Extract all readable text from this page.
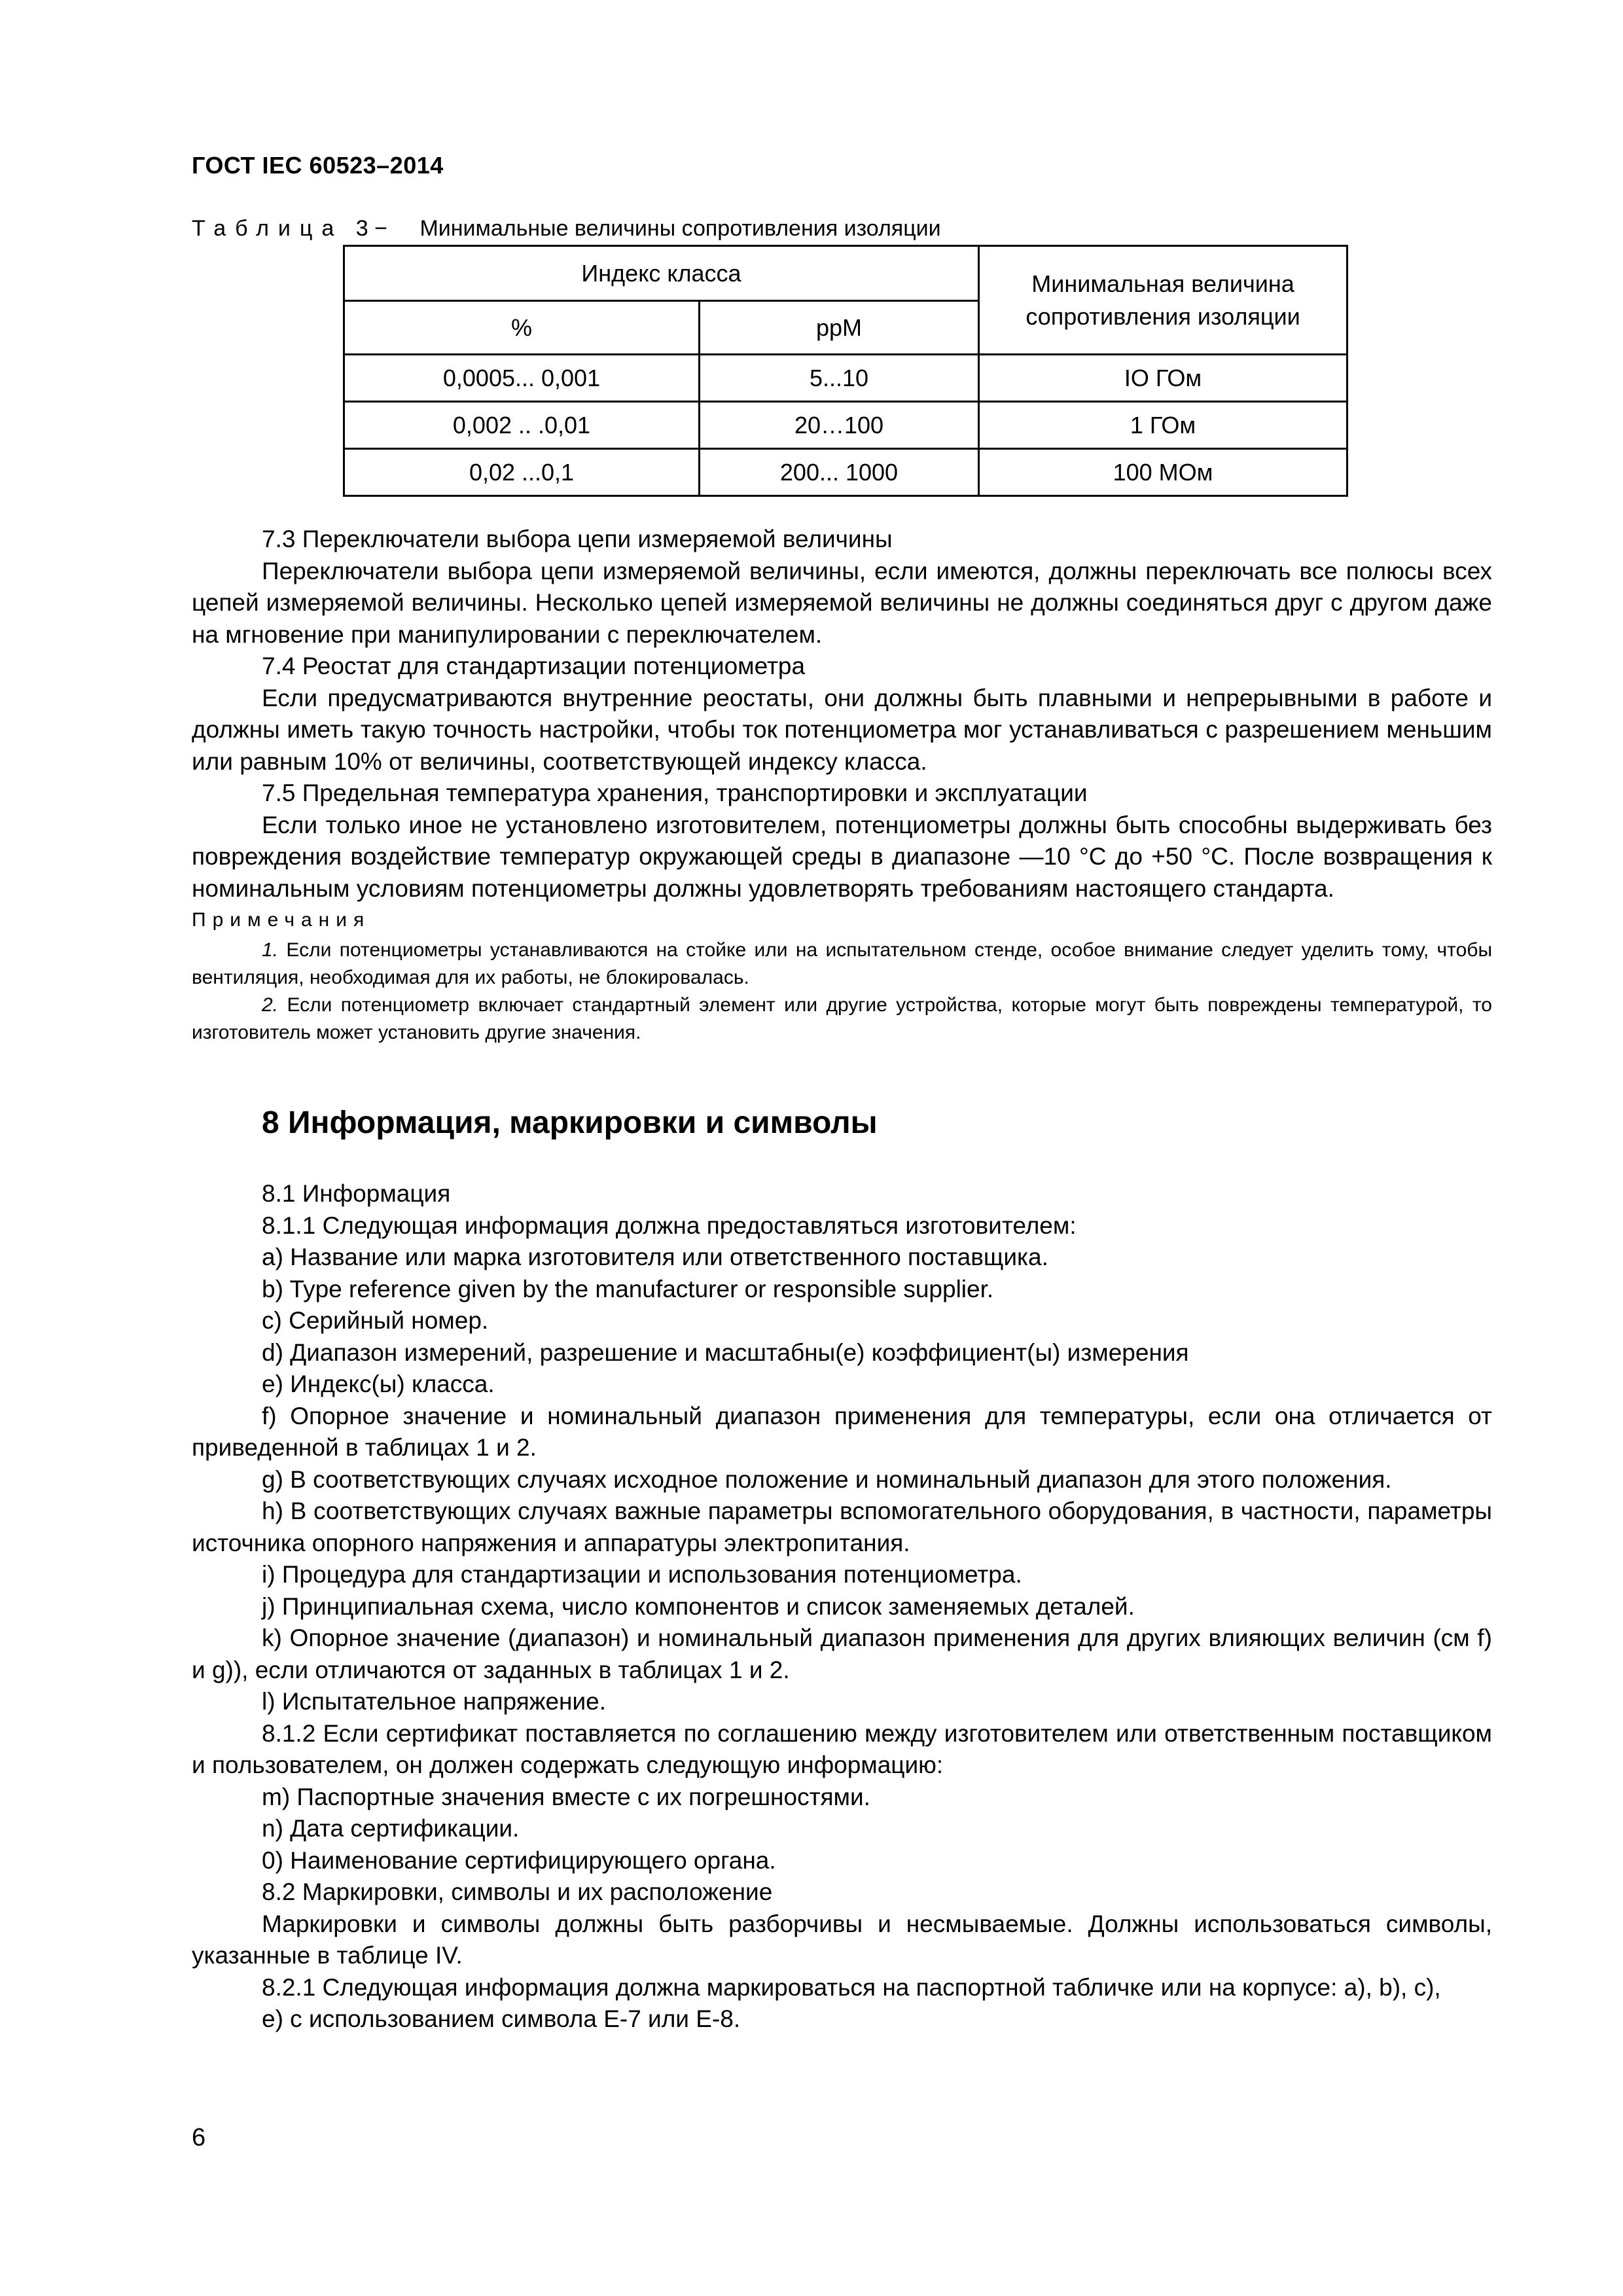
ГОСТ IEC 60523–2014
Таблица 3 − Минимальные величины сопротивления изоляции
Индекс класса		Минимальная величина сопротивления изоляции
%	ppM	
0,0005... 0,001	5...10	IO ГОм
0,002 .. .0,01	20…100	1 ГОм
0,02 ...0,1	200... 1000	100 МОм

7.3 Переключатели выбора цепи измеряемой величины

Переключатели выбора цепи измеряемой величины, если имеются, должны переключать все полюсы всех цепей измеряемой величины. Несколько цепей измеряемой величины не должны соединяться друг с другом даже на мгновение при манипулировании с переключателем.

7.4 Реостат для стандартизации потенциометра

Если предусматриваются внутренние реостаты, они должны быть плавными и непрерывными в работе и должны иметь такую точность настройки, чтобы ток потенциометра мог устанавливаться с разрешением меньшим или равным 10% от величины, соответствующей индексу класса.

7.5 Предельная температура хранения, транспортировки и эксплуатации

Если только иное не установлено изготовителем, потенциометры должны быть способны выдерживать без повреждения воздействие температур окружающей среды в диапазоне —10 °С до +50 °С. После возвращения к номинальным условиям потенциометры должны удовлетворять требованиям настоящего стандарта.

Примечания

1. Если потенциометры устанавливаются на стойке или на испытательном стенде, особое внимание следует уделить тому, чтобы вентиляция, необходимая для их работы, не блокировалась.

2. Если потенциометр включает стандартный элемент или другие устройства, которые могут быть повреждены температурой, то изготовитель может установить другие значения.

8 Информация, маркировки и символы

8.1 Информация

8.1.1 Следующая информация должна предоставляться изготовителем:

a) Название или марка изготовителя или ответственного поставщика.

b) Type reference given by the manufacturer or responsible supplier.

c) Серийный номер.

d) Диапазон измерений, разрешение и масштабны(е) коэффициент(ы) измерения

e) Индекс(ы) класса.

f) Опорное значение и номинальный диапазон применения для температуры, если она отличается от приведенной в таблицах 1 и 2.

g) В соответствующих случаях исходное положение и номинальный диапазон для этого положения.

h) В соответствующих случаях важные параметры вспомогательного оборудования, в частности, параметры источника опорного напряжения и аппаратуры электропитания.

i) Процедура для стандартизации и использования потенциометра.

j) Принципиальная схема, число компонентов и список заменяемых деталей.

k) Опорное значение (диапазон) и номинальный диапазон применения для других влияющих величин (см f) и g)), если отличаются от заданных в таблицах 1 и 2.

l) Испытательное напряжение.

8.1.2 Если сертификат поставляется по соглашению между изготовителем или ответственным поставщиком и пользователем, он должен содержать следующую информацию:

m) Паспортные значения вместе с их погрешностями.

n) Дата сертификации.

0) Наименование сертифицирующего органа.

8.2 Маркировки, символы и их расположение

Маркировки и символы должны быть разборчивы и несмываемые. Должны использоваться символы, указанные в таблице IV.

8.2.1 Следующая информация должна маркироваться на паспортной табличке или на корпусе: a), b), c),

e) с использованием символа Е-7 или Е-8.

6
